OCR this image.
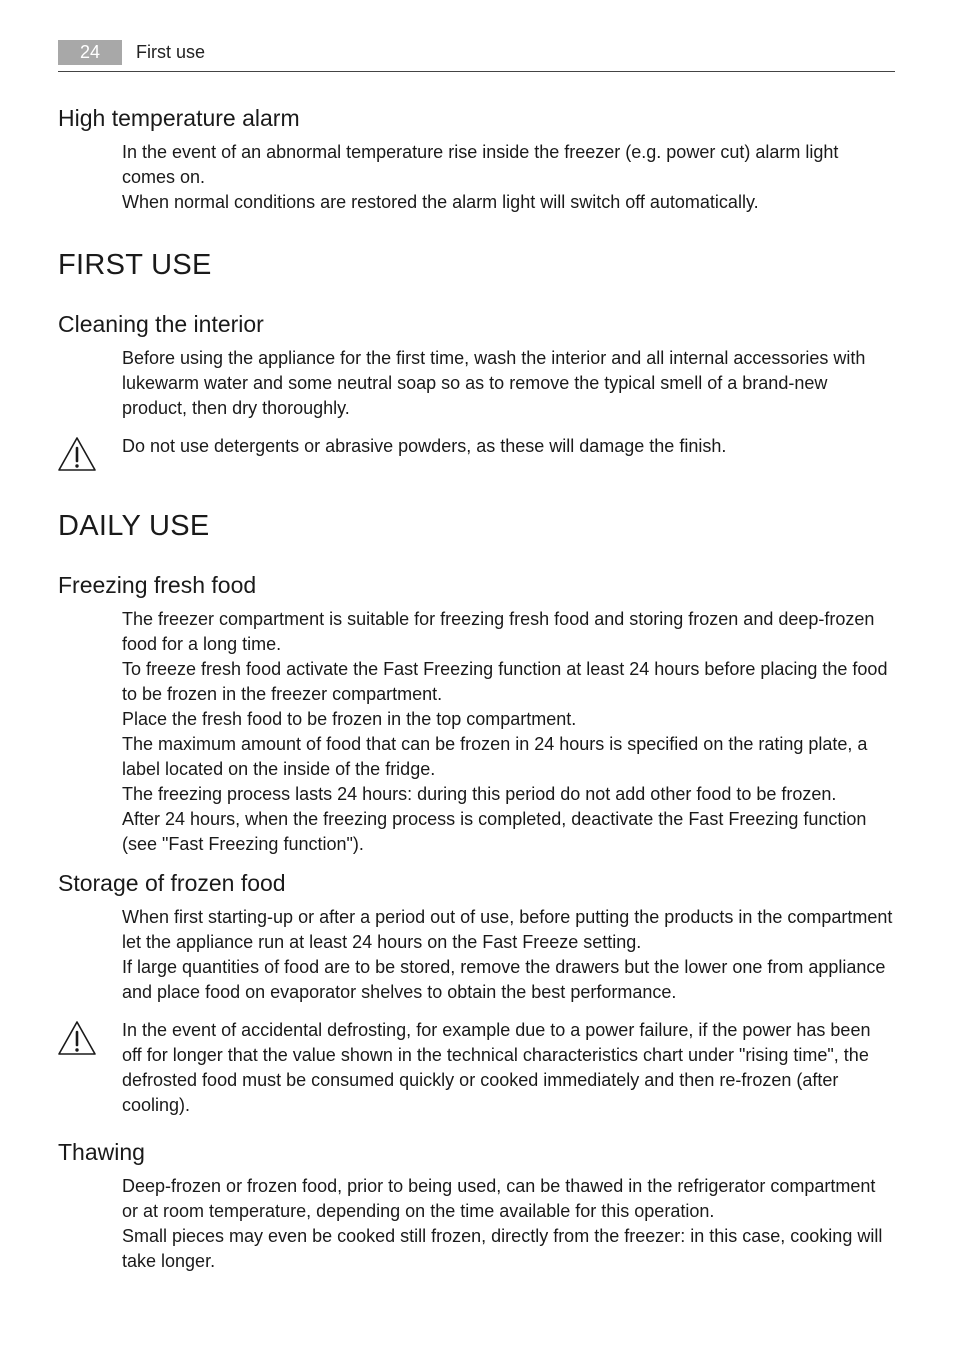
24	First use
High temperature alarm

In the event of an abnormal temperature rise inside the freezer (e.g. power cut) alarm light comes on.

When normal conditions are restored the alarm light will switch off automatically.

FIRST USE
Cleaning the interior

Before using the appliance for the first time, wash the interior and all internal accessories with lukewarm water and some neutral soap so as to remove the typical smell of a brand-new product, then dry thoroughly.

Do not use detergents or abrasive powders, as these will damage the finish.

DAILY USE
Freezing fresh food

The freezer compartment is suitable for freezing fresh food and storing frozen and deep-frozen food for a long time.

To freeze fresh food activate the Fast Freezing function at least 24 hours before placing the food to be frozen in the freezer compartment.

Place the fresh food to be frozen in the top compartment.

The maximum amount of food that can be frozen in 24 hours is specified on the rating plate, a label located on the inside of the fridge.

The freezing process lasts 24 hours: during this period do not add other food to be frozen.

After 24 hours, when the freezing process is completed, deactivate the Fast Freezing function (see "Fast Freezing function").

Storage of frozen food

When first starting-up or after a period out of use, before putting the products in the compartment let the appliance run at least 24 hours on the Fast Freeze setting.

If large quantities of food are to be stored, remove the drawers but the lower one from appliance and place food on evaporator shelves to obtain the best performance.

In the event of accidental defrosting, for example due to a power failure, if the power has been off for longer that the value shown in the technical characteristics chart under "rising time", the defrosted food must be consumed quickly or cooked immediately and then re-frozen (after cooling).

Thawing

Deep-frozen or frozen food, prior to being used, can be thawed in the refrigerator compartment or at room temperature, depending on the time available for this operation.

Small pieces may even be cooked still frozen, directly from the freezer: in this case, cooking will take longer.
